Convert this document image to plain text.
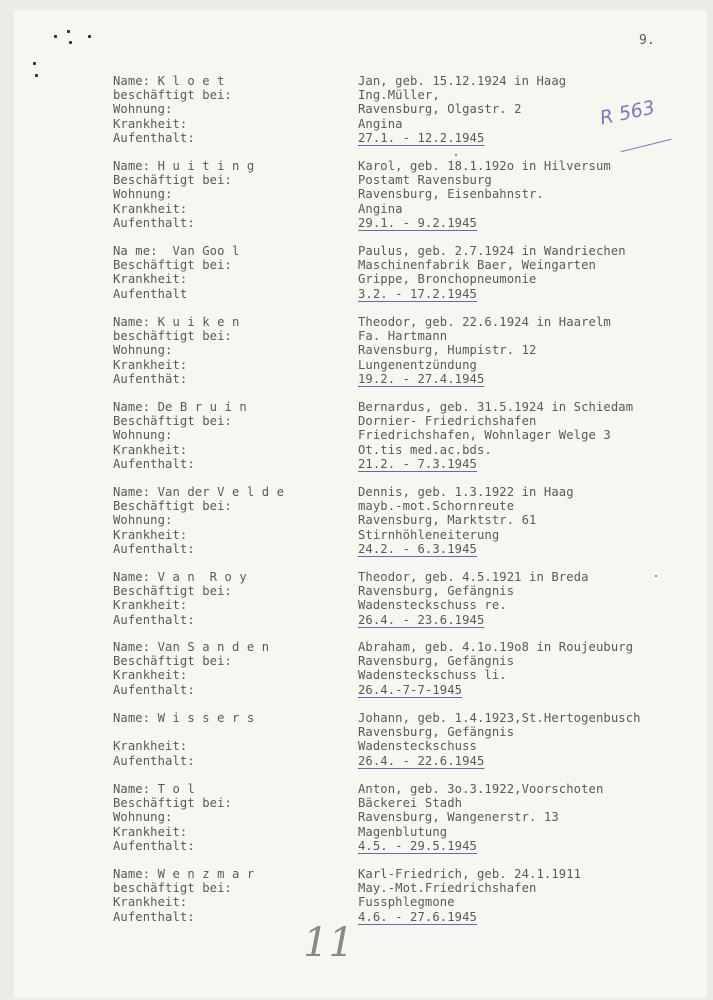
9.
R 563
Name: K l o e t
beschäftigt bei:
Wohnung:
Krankheit:
Aufenthalt:
Jan, geb. 15.12.1924 in Haag
Ing.Müller,
Ravensburg, Olgastr. 2
Angina
27.1. - 12.2.1945
Name: H u i t i n g
Beschäftigt bei:
Wohnung:
Krankheit:
Aufenthalt:
Karol, geb. 18.1.192o in Hilversum
Postamt Ravensburg
Ravensburg, Eisenbahnstr.
Angina
29.1. - 9.2.1945
Na me:  Van Goo l
Beschäftigt bei:
Krankheit:
Aufenthalt
Paulus, geb. 2.7.1924 in Wandriechen
Maschinenfabrik Baer, Weingarten
Grippe, Bronchopneumonie
3.2. - 17.2.1945
Name: K u i k e n
beschäftigt bei:
Wohnung:
Krankheit:
Aufenthät:
Theodor, geb. 22.6.1924 in Haarelm
Fa. Hartmann
Ravensburg, Humpistr. 12
Lungenentzündung
19.2. - 27.4.1945
Name: De B r u i n
Beschäftigt bei:
Wohnung:
Krankheit:
Aufenthalt:
Bernardus, geb. 31.5.1924 in Schiedam
Dornier- Friedrichshafen
Friedrichshafen, Wohnlager Welge 3
Ot.tis med.ac.bds.
21.2. - 7.3.1945
Name: Van der V e l d e
Beschäftigt bei:
Wohnung:
Krankheit:
Aufenthalt:
Dennis, geb. 1.3.1922 in Haag
mayb.-mot.Schornreute
Ravensburg, Marktstr. 61
Stirnhöhleneiterung
24.2. - 6.3.1945
Name: V a n  R o y
Beschäftigt bei:
Krankheit:
Aufenthalt:
Theodor, geb. 4.5.1921 in Breda
Ravensburg, Gefängnis
Wadensteckschuss re.
26.4. - 23.6.1945
Name: Van S a n d e n
Beschäftigt bei:
Krankheit:
Aufenthalt:
Abraham, geb. 4.1o.19o8 in Roujeuburg
Ravensburg, Gefängnis
Wadensteckschuss li.
26.4.-7-7-1945
Name: W i s s e r s
Krankheit:
Aufenthalt:
Johann, geb. 1.4.1923,St.Hertogenbusch
Ravensburg, Gefängnis
Wadensteckschuss
26.4. - 22.6.1945
Name: T o l
Beschäftigt bei:
Wohnung:
Krankheit:
Aufenthalt:
Anton, geb. 3o.3.1922,Voorschoten
Bäckerei Stadh
Ravensburg, Wangenerstr. 13
Magenblutung
4.5. - 29.5.1945
Name: W e n z m a r
beschäftigt bei:
Krankheit:
Aufenthalt:
Karl-Friedrich, geb. 24.1.1911
May.-Mot.Friedrichshafen
Fussphlegmone
4.6. - 27.6.1945
11
